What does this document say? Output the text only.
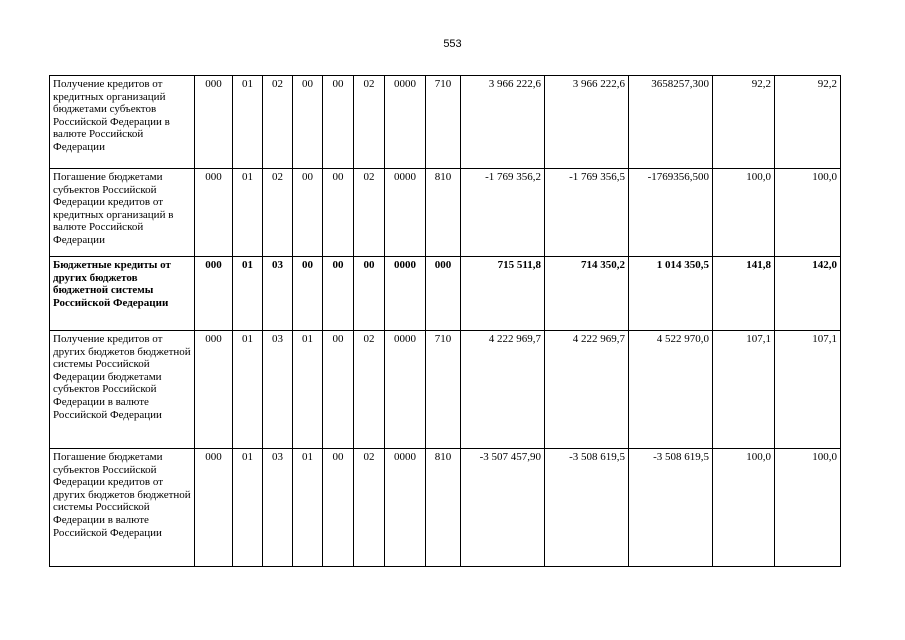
553
Получение кредитов от кредитных организаций бюджетами субъектов Российской Федерации в валюте Российской Федерации	000	01	02	00	00	02	0000	710	3 966 222,6	3 966 222,6	3658257,300	92,2	92,2
Погашение бюджетами субъектов Российской Федерации кредитов от кредитных организаций в валюте Российской Федерации	000	01	02	00	00	02	0000	810	-1 769 356,2	-1 769 356,5	-1769356,500	100,0	100,0
Бюджетные кредиты от других бюджетов бюджетной системы Российской Федерации	000	01	03	00	00	00	0000	000	715 511,8	714 350,2	1 014 350,5	141,8	142,0
Получение кредитов от других бюджетов бюджетной системы Российской Федерации бюджетами субъектов Российской Федерации в валюте Российской Федерации	000	01	03	01	00	02	0000	710	4 222 969,7	4 222 969,7	4 522 970,0	107,1	107,1
Погашение бюджетами субъектов Российской Федерации кредитов от других бюджетов бюджетной системы Российской Федерации в валюте Российской Федерации	000	01	03	01	00	02	0000	810	-3 507 457,90	-3 508 619,5	-3 508 619,5	100,0	100,0
